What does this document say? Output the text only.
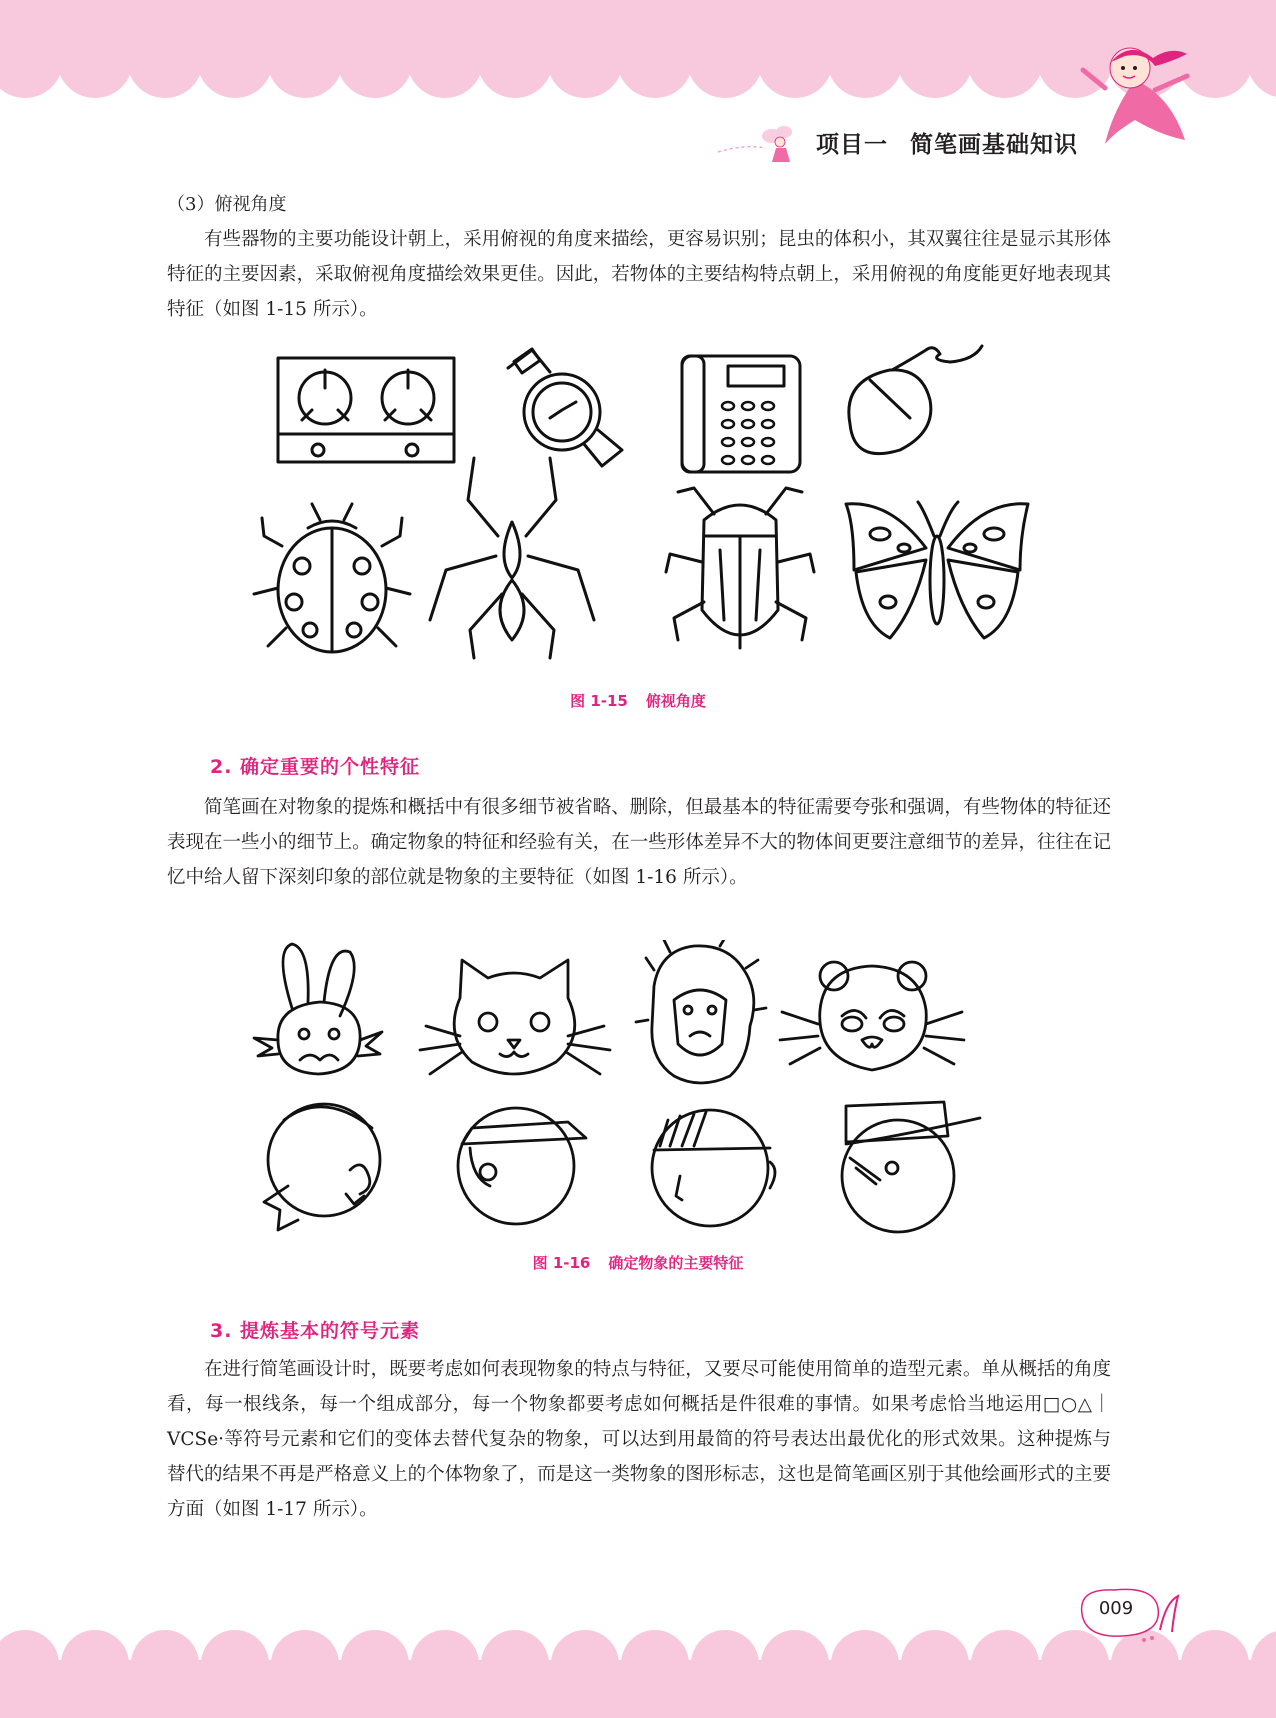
项目一 简笔画基础知识
（3）俯视角度

有些器物的主要功能设计朝上，采用俯视的角度来描绘，更容易识别；昆虫的体积小，其双翼往往是显示其形体特征的主要因素，采取俯视角度描绘效果更佳。因此，若物体的主要结构特点朝上，采用俯视的角度能更好地表现其特征（如图 1-15 所示）。

图 1-15 俯视角度
2. 确定重要的个性特征

简笔画在对物象的提炼和概括中有很多细节被省略、删除，但最基本的特征需要夸张和强调，有些物体的特征还表现在一些小的细节上。确定物象的特征和经验有关，在一些形体差异不大的物体间更要注意细节的差异，往往在记忆中给人留下深刻印象的部位就是物象的主要特征（如图 1-16 所示）。

图 1-16 确定物象的主要特征
3. 提炼基本的符号元素

在进行简笔画设计时，既要考虑如何表现物象的特点与特征，又要尽可能使用简单的造型元素。单从概括的角度看，每一根线条，每一个组成部分，每一个物象都要考虑如何概括是件很难的事情。如果考虑恰当地运用□○△｜VCSe·等符号元素和它们的变体去替代复杂的物象，可以达到用最简的符号表达出最优化的形式效果。这种提炼与替代的结果不再是严格意义上的个体物象了，而是这一类物象的图形标志，这也是简笔画区别于其他绘画形式的主要方面（如图 1-17 所示）。

009
